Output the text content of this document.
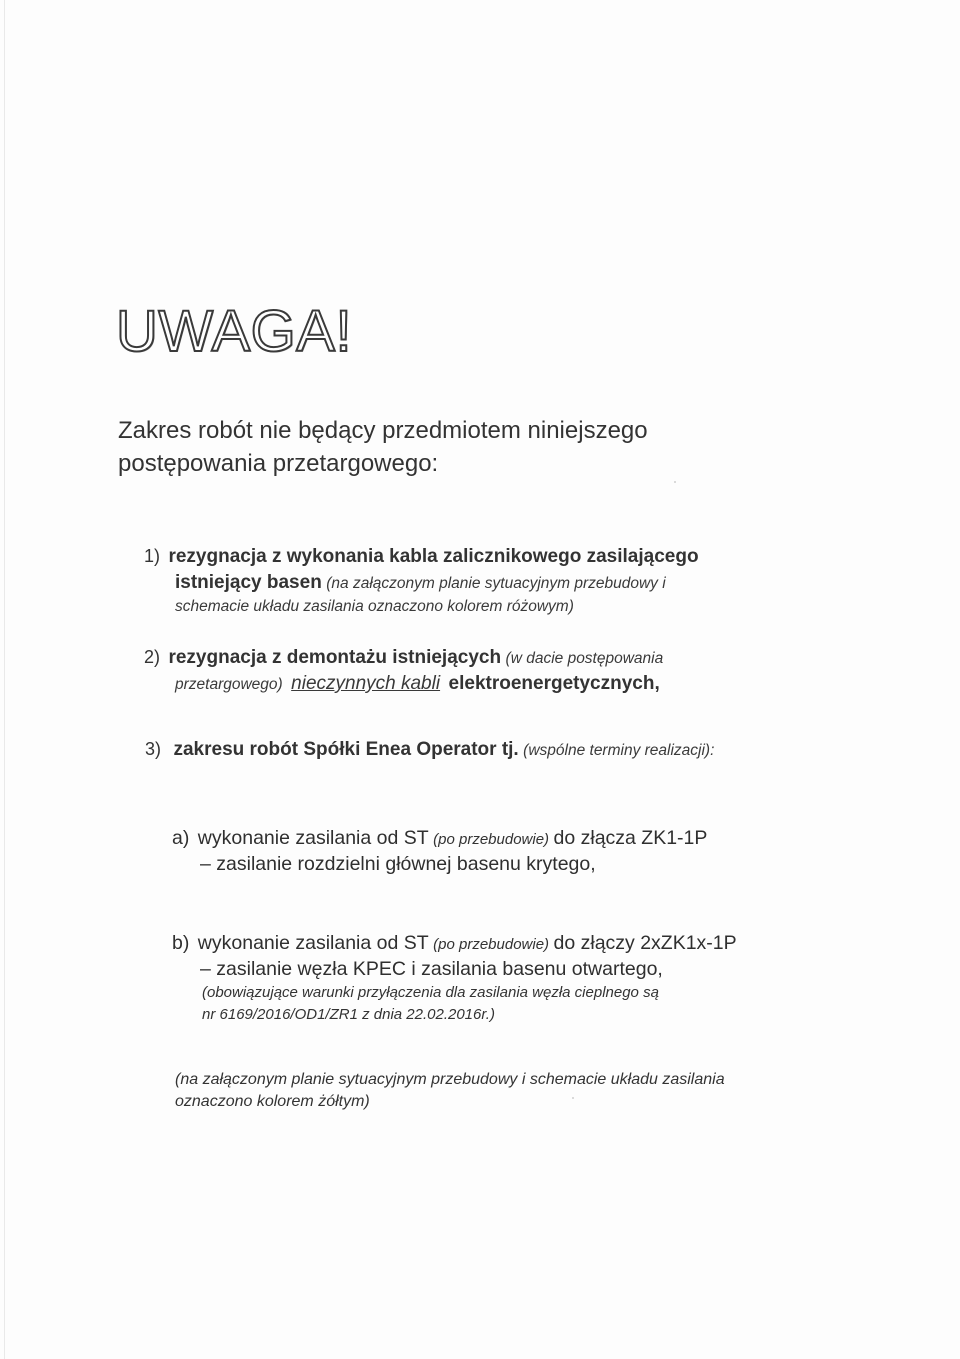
UWAGA!
Zakres robót nie będący przedmiotem niniejszego
postępowania przetargowego:
1) rezygnacja z wykonania kabla zalicznikowego zasilającego
istniejący basen (na załączonym planie sytuacyjnym przebudowy i
schemacie układu zasilania oznaczono kolorem różowym)
2) rezygnacja z demontażu istniejących (w dacie postępowania
przetargowego) nieczynnych kabli elektroenergetycznych,
3) zakresu robót Spółki Enea Operator tj. (wspólne terminy realizacji):
a) wykonanie zasilania od ST (po przebudowie) do złącza ZK1-1P
– zasilanie rozdzielni głównej basenu krytego,
b) wykonanie zasilania od ST (po przebudowie) do złączy 2xZK1x-1P
– zasilanie węzła KPEC i zasilania basenu otwartego,
(obowiązujące warunki przyłączenia dla zasilania węzła cieplnego są
nr 6169/2016/OD1/ZR1 z dnia 22.02.2016r.)
(na załączonym planie sytuacyjnym przebudowy i schemacie układu zasilania
oznaczono kolorem żółtym)
